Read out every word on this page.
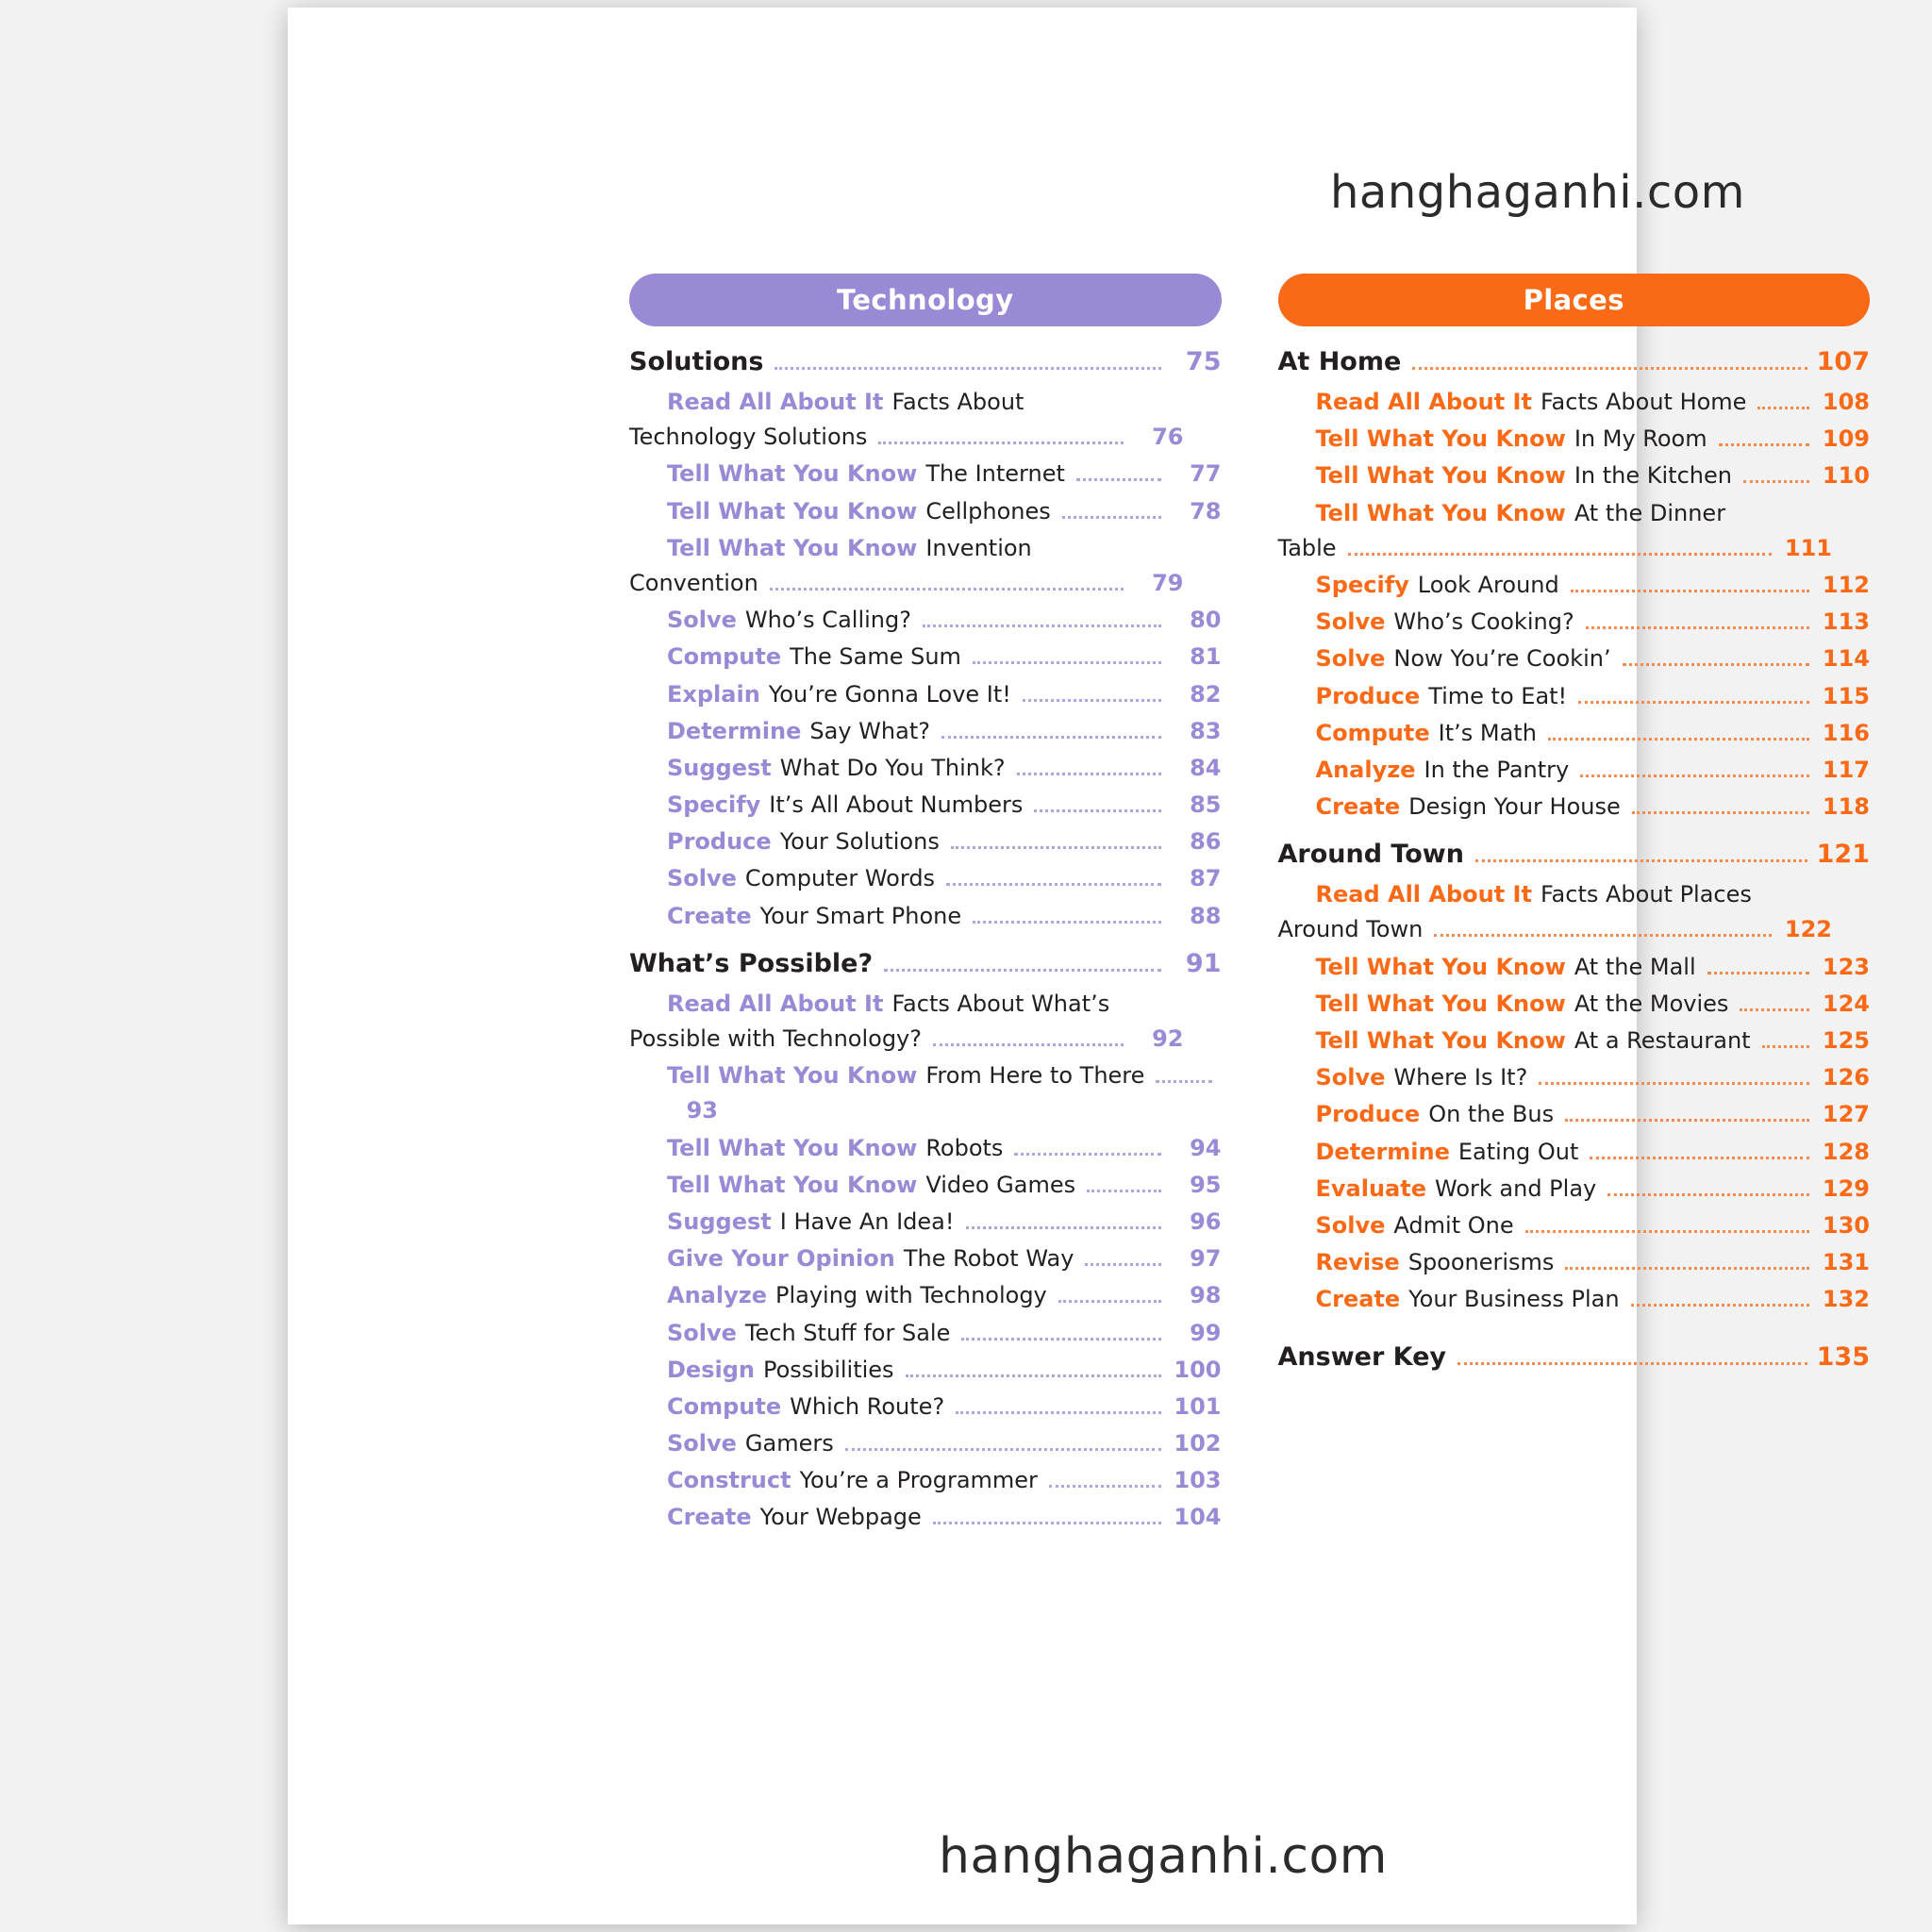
hanghaganhi.com
Technology
Solutions	75
Read All About It Facts About
Technology Solutions	76
Tell What You Know The Internet	77
Tell What You Know Cellphones	78
Tell What You Know Invention
Convention	79
Solve Who’s Calling?	80
Compute The Same Sum	81
Explain You’re Gonna Love It!	82
Determine Say What?	83
Suggest What Do You Think?	84
Specify It’s All About Numbers	85
Produce Your Solutions	86
Solve Computer Words	87
Create Your Smart Phone	88
What’s Possible?	91
Read All About It Facts About What’s
Possible with Technology?	92
Tell What You Know From Here to There
93
Tell What You Know Robots	94
Tell What You Know Video Games	95
Suggest I Have An Idea!	96
Give Your Opinion The Robot Way	97
Analyze Playing with Technology	98
Solve Tech Stuff for Sale	99
Design Possibilities	100
Compute Which Route?	101
Solve Gamers	102
Construct You’re a Programmer	103
Create Your Webpage	104
Places
At Home	107
Read All About It Facts About Home	108
Tell What You Know In My Room	109
Tell What You Know In the Kitchen	110
Tell What You Know At the Dinner
Table	111
Specify Look Around	112
Solve Who’s Cooking?	113
Solve Now You’re Cookin’	114
Produce Time to Eat!	115
Compute It’s Math	116
Analyze In the Pantry	117
Create Design Your House	118
Around Town	121
Read All About It Facts About Places
Around Town	122
Tell What You Know At the Mall	123
Tell What You Know At the Movies	124
Tell What You Know At a Restaurant	125
Solve Where Is It?	126
Produce On the Bus	127
Determine Eating Out	128
Evaluate Work and Play	129
Solve Admit One	130
Revise Spoonerisms	131
Create Your Business Plan	132
Answer Key	135
hanghaganhi.com
